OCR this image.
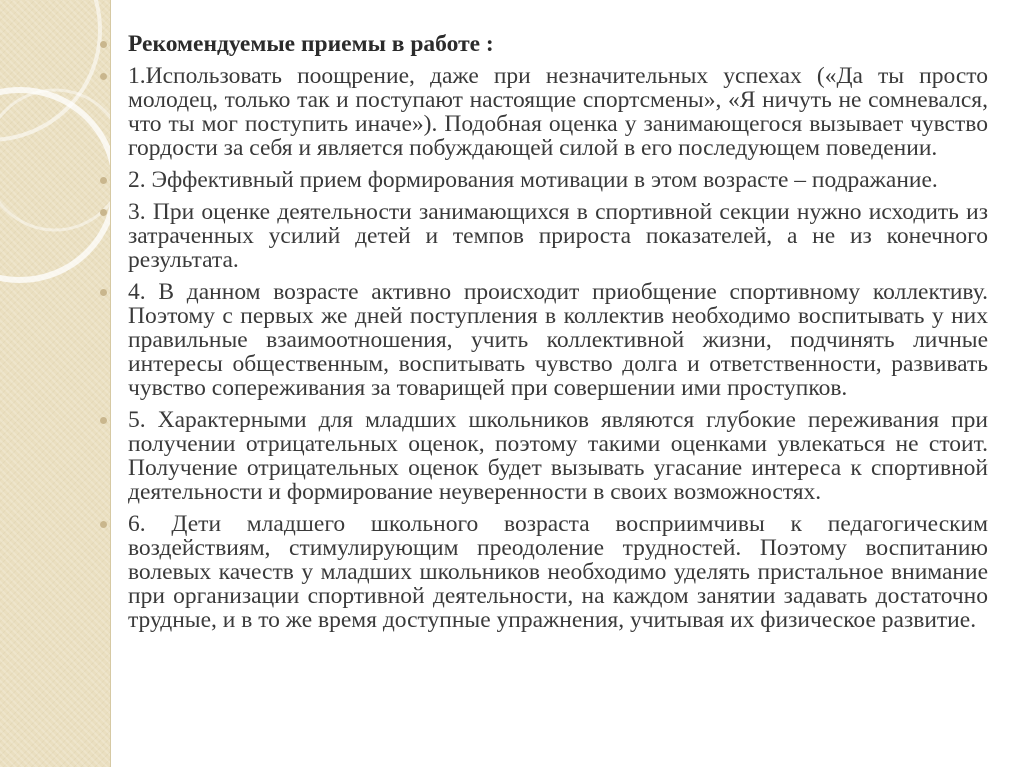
Рекомендуемые приемы в работе :
1.Иcпользовать поощрение, даже при незначительных успехах («Да ты просто молодец, только так и поступают настоящие спортсмены», «Я ничуть не сомневался, что ты мог поступить иначе»). Подобная оценка у занимающегося вызывает чувство гордости за себя и является побуждающей силой в его последующем поведении.
2. Эффективный прием формирования мотивации в этом возрасте – подражание.
3. При оценке деятельности занимающихся в спортивной секции нужно исходить из затраченных усилий детей и темпов прироста показателей, а не из конечного результата.
4. В данном возрасте активно происходит приобщение спортивному коллективу. Поэтому с первых же дней поступления в коллектив необходимо воспитывать у них правильные взаимоотношения, учить коллективной жизни, подчинять личные интересы общественным, воспитывать чувство долга и ответственности, развивать чувство сопереживания за товарищей при совершении ими проступков.
5. Характерными для младших школьников являются глубокие переживания при получении отрицательных оценок, поэтому такими оценками увлекаться не стоит. Получение отрицательных оценок будет вызывать угасание интереса к спортивной деятельности и формирование неуверенности в своих возможностях.
6. Дети младшего школьного возраста восприимчивы к педагогическим воздействиям, стимулирующим преодоление трудностей. Поэтому воспитанию волевых качеств у младших школьников необходимо уделять пристальное внимание при организации спортивной деятельности, на каждом занятии задавать достаточно трудные, и в то же время доступные упражнения, учитывая их физическое развитие.
